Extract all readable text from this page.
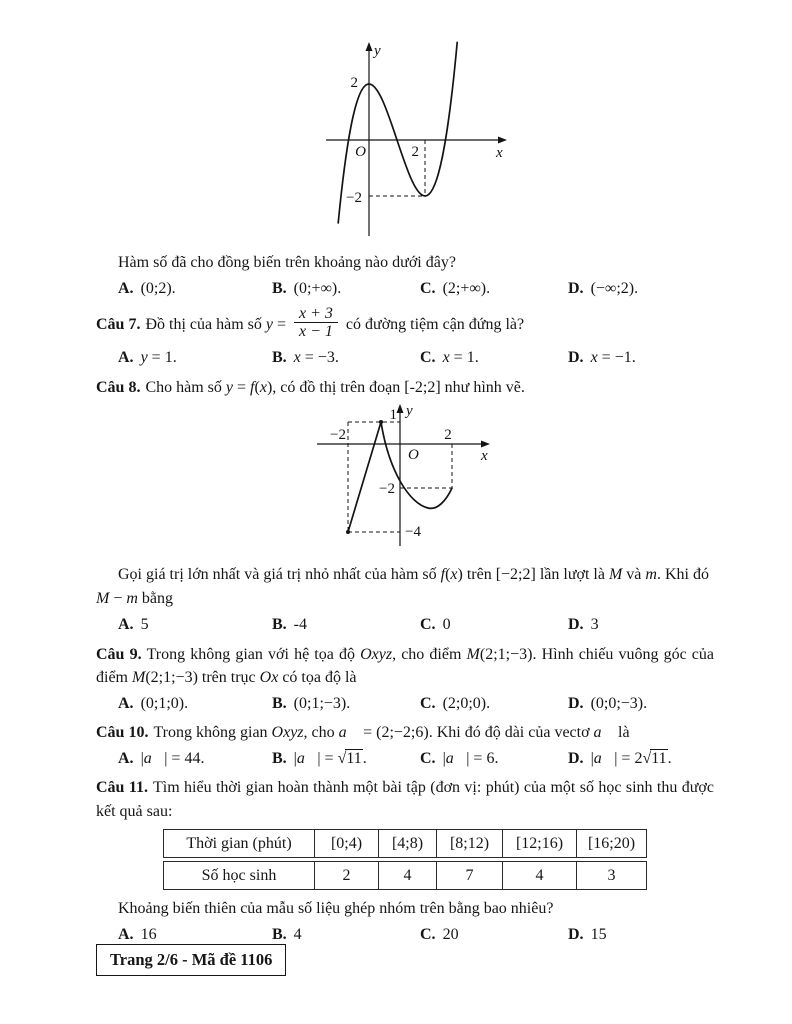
y
2
O	2	x
−2

Hàm số đã cho đồng biến trên khoảng nào dưới đây?

A. (0;2).	B. (0;+∞).	C. (2;+∞).	D. (−∞;2).

Câu 7. Đồ thị của hàm số $y = \frac{x + 3}{x - 1}$ có đường tiệm cận đứng là?

A. y = 1.	B. x = −3.	C. x = 1.	D. x = −1.

Câu 8. Cho hàm số y = f(x), có đồ thị trên đoạn [-2;2] như hình vẽ.

y
1
−2	2
O	x
−2
−4

Gọi giá trị lớn nhất và giá trị nhỏ nhất của hàm số f(x) trên [−2;2] lần lượt là M và m. Khi đó

M − m bằng

A. 5	B. -4	C. 0	D. 3

Câu 9. Trong không gian với hệ tọa độ Oxyz, cho điểm M(2;1;−3). Hình chiếu vuông góc của điểm M(2;1;−3) trên trục Ox có tọa độ là

A. (0;1;0).	B. (0;1;−3).	C. (2;0;0).	D. (0;0;−3).

Câu 10. Trong không gian Oxyz, cho a⃗ = (2;−2;6). Khi đó độ dài của vectơ a⃗ là

A. |a⃗| = 44.	B. |a⃗| = √11.	C. |a⃗| = 6.	D. |a⃗| = 2√11.

Câu 11. Tìm hiểu thời gian hoàn thành một bài tập (đơn vị: phút) của một số học sinh thu được kết quả sau:

Thời gian (phút)	[0;4)	[4;8)	[8;12)	[12;16)	[16;20)
Số học sinh	2	4	7	4	3

Khoảng biến thiên của mẫu số liệu ghép nhóm trên bằng bao nhiêu?

A. 16	B. 4	C. 20	D. 15
Trang 2/6 - Mã đề 1106
